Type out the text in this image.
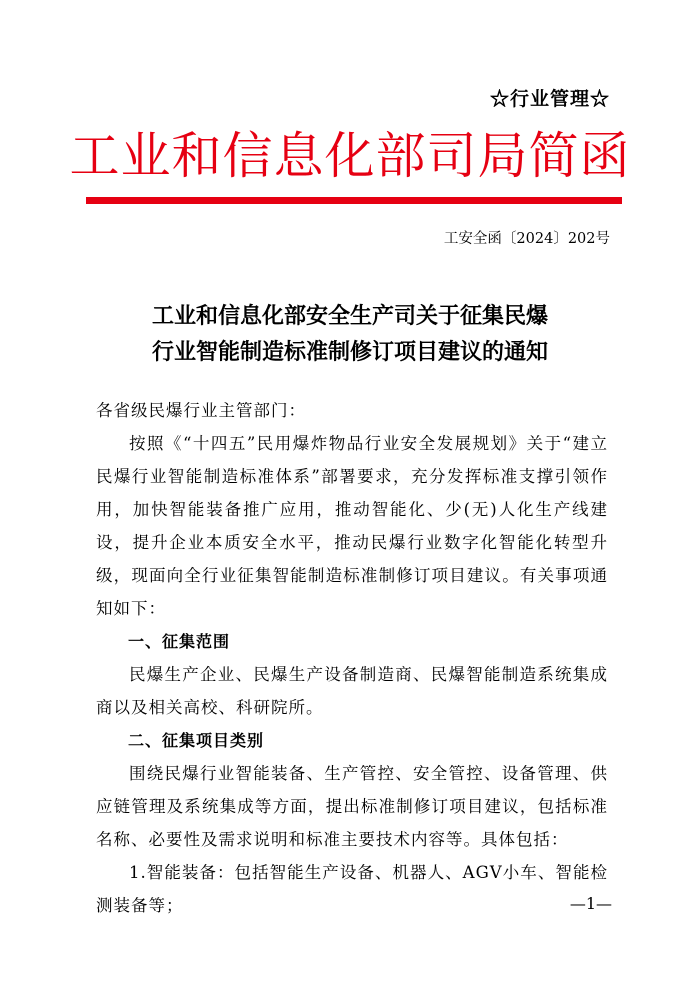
☆行业管理☆
工业和信息化部司局简函
工安全函〔2024〕202号
工业和信息化部安全生产司关于征集民爆
行业智能制造标准制修订项目建议的通知

各省级民爆行业主管部门：

按照《“十四五”民用爆炸物品行业安全发展规划》关于“建立民爆行业智能制造标准体系”部署要求，充分发挥标准支撑引领作用，加快智能装备推广应用，推动智能化、少(无)人化生产线建设，提升企业本质安全水平，推动民爆行业数字化智能化转型升级，现面向全行业征集智能制造标准制修订项目建议。有关事项通知如下：

一、征集范围

民爆生产企业、民爆生产设备制造商、民爆智能制造系统集成商以及相关高校、科研院所。

二、征集项目类别

围绕民爆行业智能装备、生产管控、安全管控、设备管理、供应链管理及系统集成等方面，提出标准制修订项目建议，包括标准名称、必要性及需求说明和标准主要技术内容等。具体包括：

1.智能装备：包括智能生产设备、机器人、AGV小车、智能检测装备等；	—1—
